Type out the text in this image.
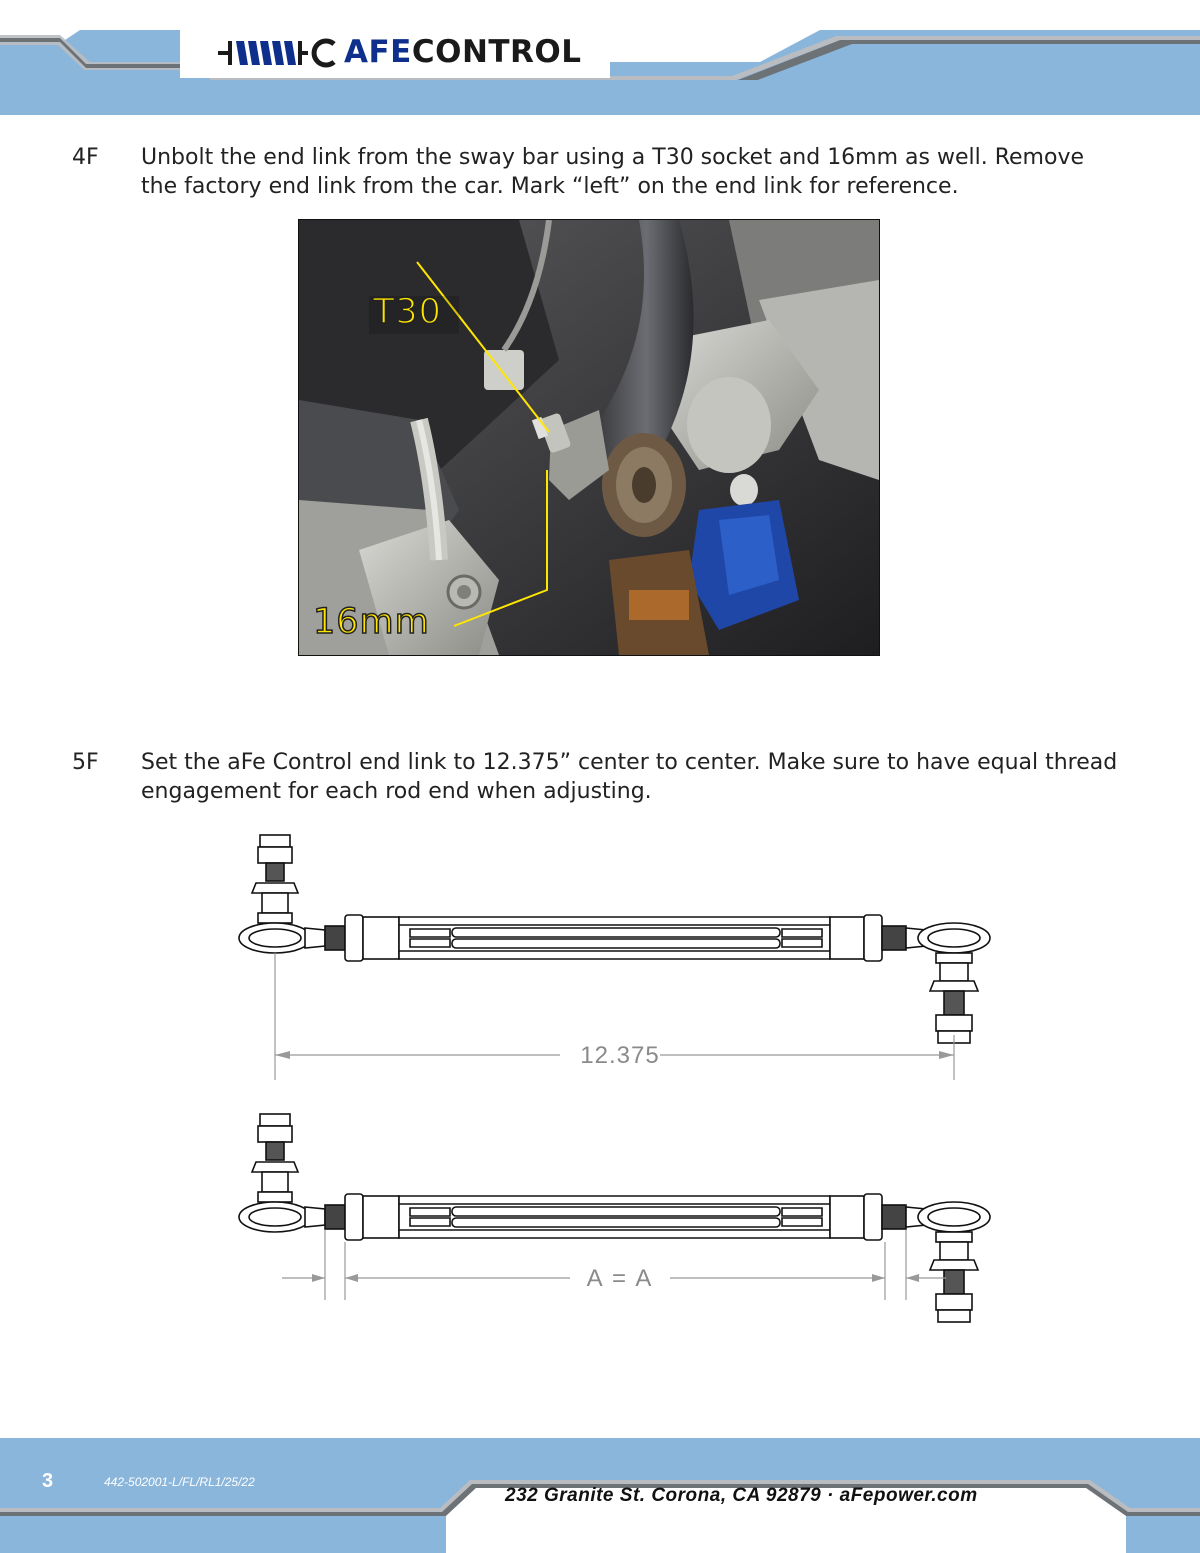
AFECONTROL
4F Unbolt the end link from the sway bar using a T30 socket and 16mm as well. Remove
the factory end link from the car. Mark “left” on the end link for reference.
T30
16mm
5F Set the aFe Control end link to 12.375” center to center. Make sure to have equal thread
engagement for each rod end when adjusting.
12.375
A = A
3	442-502001-L/FL/RL1/25/22
232 Granite St. Corona, CA 92879 · aFepower.com
